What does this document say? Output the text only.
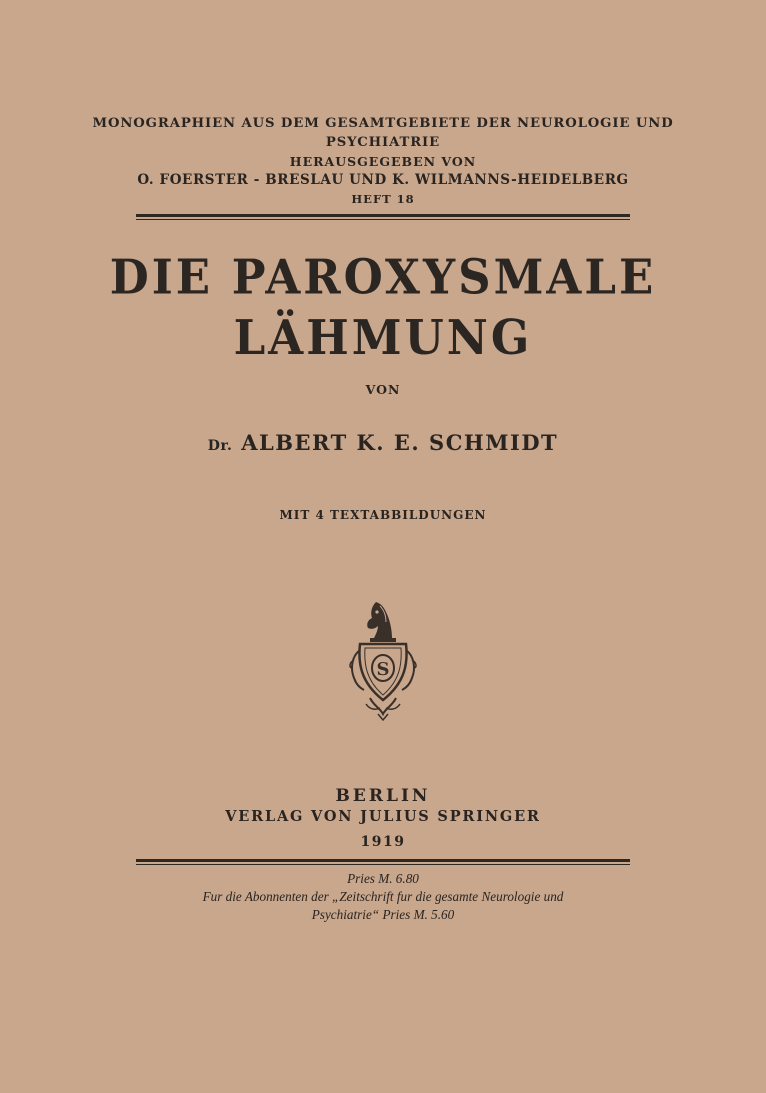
MONOGRAPHIEN AUS DEM GESAMTGEBIETE DER NEUROLOGIE UND
PSYCHIATRIE
HERAUSGEGEBEN VON
O. FOERSTER - BRESLAU UND K. WILMANNS-HEIDELBERG
HEFT 18
DIE PAROXYSMALE
LÄHMUNG
VON
Dr. ALBERT K. E. SCHMIDT
MIT 4 TEXTABBILDUNGEN
S
BERLIN
VERLAG VON JULIUS SPRINGER
1919
Pries M. 6.80
Fur die Abonnenten der „Zeitschrift fur die gesamte Neurologie und
Psychiatrie“ Pries M. 5.60
